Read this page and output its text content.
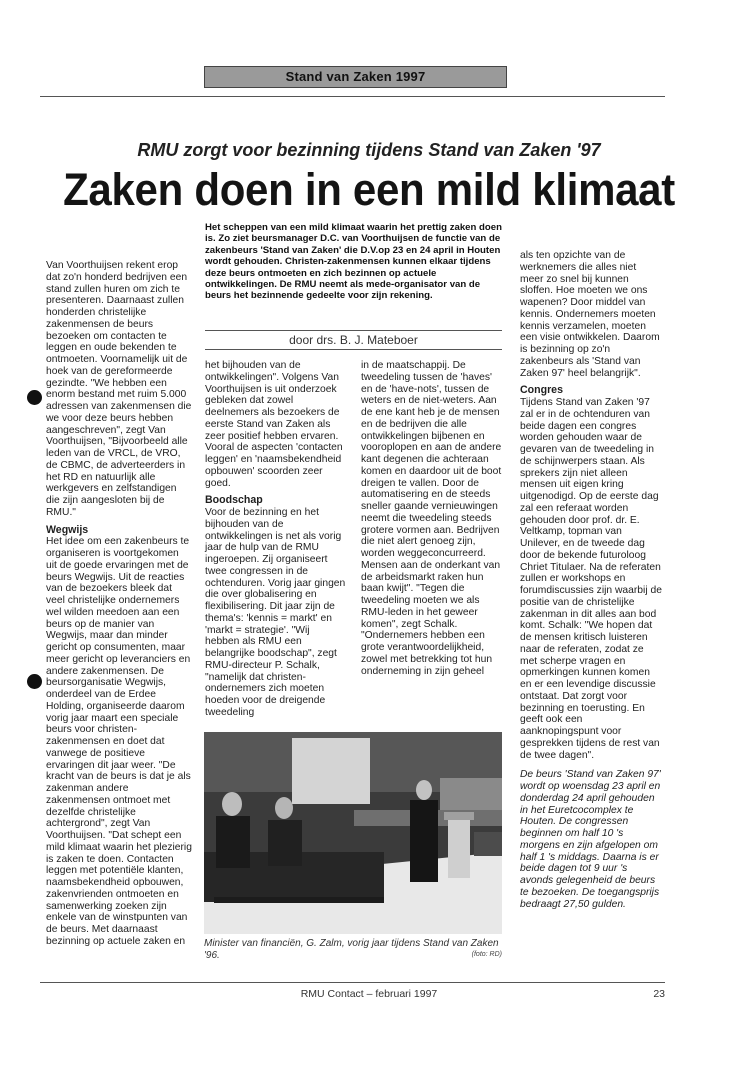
Stand van Zaken 1997
RMU zorgt voor bezinning tijdens Stand van Zaken '97
Zaken doen in een mild klimaat
Het scheppen van een mild klimaat waarin het prettig zaken doen is. Zo ziet beursmanager D.C. van Voorthuijsen de functie van de zakenbeurs 'Stand van Zaken' die D.V.op 23 en 24 april in Houten wordt gehouden. Christen-zakenmensen kunnen elkaar tijdens deze beurs ontmoeten en zich bezinnen op actuele ontwikkelingen. De RMU neemt als mede-organisator van de beurs het bezinnende gedeelte voor zijn rekening.
door drs. B. J. Mateboer

Van Voorthuijsen rekent erop dat zo'n honderd bedrijven een stand zullen huren om zich te presenteren. Daarnaast zullen honderden christelijke zakenmensen de beurs bezoeken om contacten te leggen en oude bekenden te ontmoeten. Voornamelijk uit de hoek van de gereformeerde gezindte. "We hebben een enorm bestand met ruim 5.000 adressen van zakenmensen die we voor deze beurs hebben aangeschreven", zegt Van Voorthuijsen, "Bijvoorbeeld alle leden van de VRCL, de VRO, de CBMC, de adverteerders in het RD en natuurlijk alle werkgevers en zelfstandigen die zijn aangesloten bij de RMU."

Wegwijs

Het idee om een zakenbeurs te organiseren is voortgekomen uit de goede ervaringen met de beurs Wegwijs. Uit de reacties van de bezoekers bleek dat veel christelijke ondernemers wel wilden meedoen aan een beurs op de manier van Wegwijs, maar dan minder gericht op consumenten, maar meer gericht op leveranciers en andere zakenmensen. De beursorganisatie Wegwijs, onderdeel van de Erdee Holding, organiseerde daarom vorig jaar maart een speciale beurs voor christen-zakenmensen en doet dat vanwege de positieve ervaringen dit jaar weer. "De kracht van de beurs is dat je als zakenman andere zakenmensen ontmoet met dezelfde christelijke achtergrond", zegt Van Voorthuijsen. "Dat schept een mild klimaat waarin het plezierig is zaken te doen. Contacten leggen met potentiële klanten, naamsbekendheid opbouwen, zakenvrienden ontmoeten en samenwerking zoeken zijn enkele van de winstpunten van de beurs. Met daarnaast bezinning op actuele zaken en

het bijhouden van de ontwikkelingen". Volgens Van Voorthuijsen is uit onderzoek gebleken dat zowel deelnemers als bezoekers de eerste Stand van Zaken als zeer positief hebben ervaren. Vooral de aspecten 'contacten leggen' en 'naamsbekendheid opbouwen' scoorden zeer goed.

Boodschap

Voor de bezinning en het bijhouden van de ontwikkelingen is net als vorig jaar de hulp van de RMU ingeroepen. Zij organiseert twee congressen in de ochtenduren. Vorig jaar gingen die over globalisering en flexibilisering. Dit jaar zijn de thema's: 'kennis = markt' en 'markt = strategie'. "Wij hebben als RMU een belangrijke boodschap", zegt RMU-directeur P. Schalk, "namelijk dat christen-ondernemers zich moeten hoeden voor de dreigende tweedeling

in de maatschappij. De tweedeling tussen de 'haves' en de 'have-nots', tussen de weters en de niet-weters. Aan de ene kant heb je de mensen en de bedrijven die alle ontwikkelingen bijbenen en vooroplopen en aan de andere kant degenen die achteraan komen en daardoor uit de boot dreigen te vallen. Door de automatisering en de steeds sneller gaande vernieuwingen neemt die tweedeling steeds grotere vormen aan. Bedrijven die niet alert genoeg zijn, worden weggeconcurreerd. Mensen aan de onderkant van de arbeidsmarkt raken hun baan kwijt". "Tegen die tweedeling moeten we als RMU-leden in het geweer komen", zegt Schalk. "Ondernemers hebben een grote verantwoordelijkheid, zowel met betrekking tot hun onderneming in zijn geheel

als ten opzichte van de werknemers die alles niet meer zo snel bij kunnen sloffen. Hoe moeten we ons wapenen? Door middel van kennis. Ondernemers moeten kennis verzamelen, moeten een visie ontwikkelen. Daarom is bezinning op zo'n zakenbeurs als 'Stand van Zaken 97' heel belangrijk".

Congres

Tijdens Stand van Zaken '97 zal er in de ochtenduren van beide dagen een congres worden gehouden waar de gevaren van de tweedeling in de schijnwerpers staan. Als sprekers zijn niet alleen mensen uit eigen kring uitgenodigd. Op de eerste dag zal een referaat worden gehouden door prof. dr. E. Veltkamp, topman van Unilever, en de tweede dag door de bekende futuroloog Chriet Titulaer. Na de referaten zullen er workshops en forumdiscussies zijn waarbij de positie van de christelijke zakenman in dit alles aan bod komt. Schalk: "We hopen dat de mensen kritisch luisteren naar de referaten, zodat ze met scherpe vragen en opmerkingen kunnen komen en er een levendige discussie ontstaat. Dat zorgt voor bezinning en toerusting. En geeft ook een aanknopingspunt voor gesprekken tijdens de rest van de twee dagen".

De beurs 'Stand van Zaken 97' wordt op woensdag 23 april en donderdag 24 april gehouden in het Euretcocomplex te Houten. De congressen beginnen om half 10 's morgens en zijn afgelopen om half 1 's middags. Daarna is er beide dagen tot 9 uur 's avonds gelegenheid de beurs te bezoeken. De toegangsprijs bedraagt 27,50 gulden.

Minister van financiën, G. Zalm, vorig jaar tijdens Stand van Zaken '96.	(foto: RD)
RMU Contact – februari 1997	23
